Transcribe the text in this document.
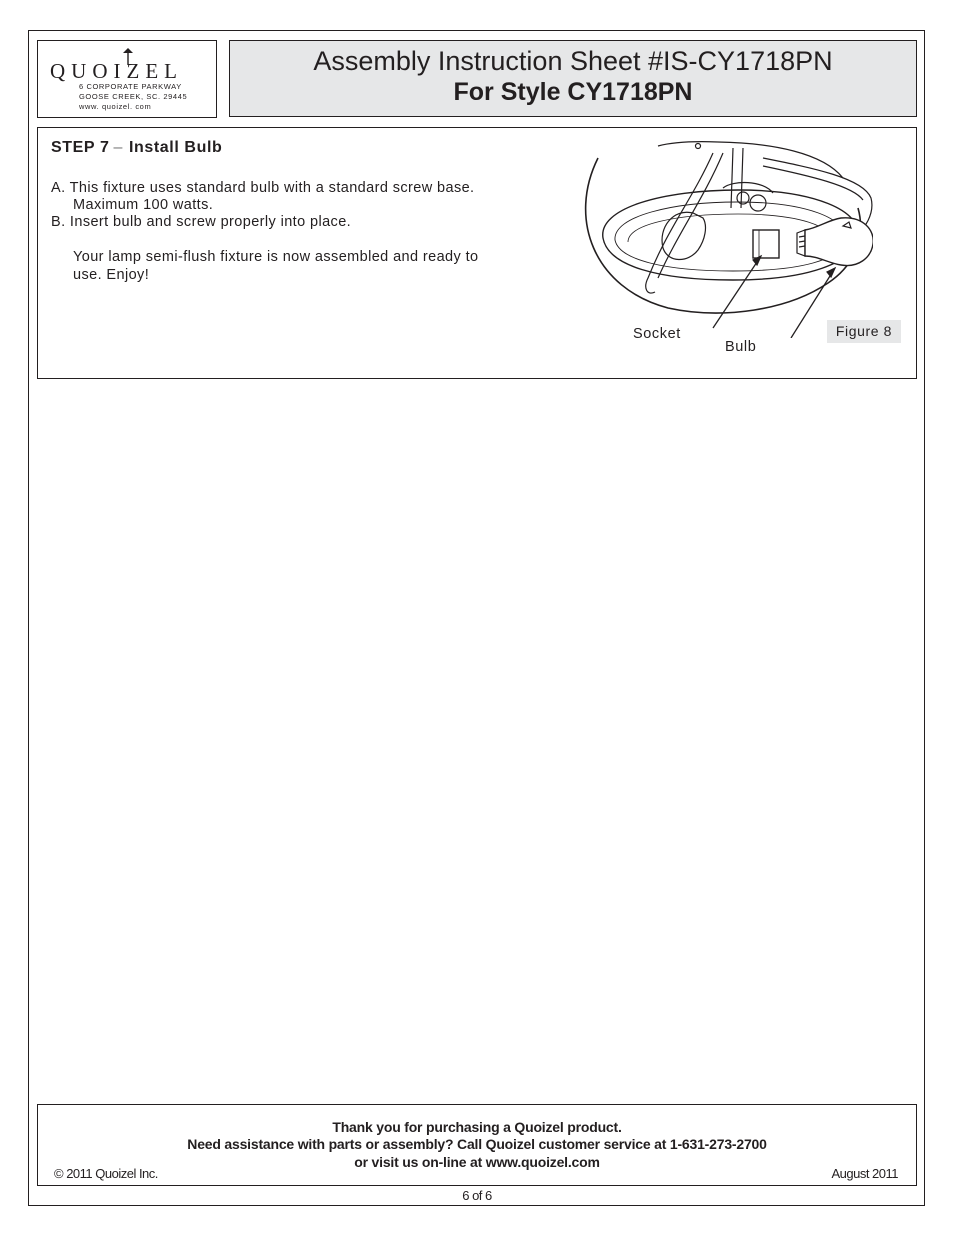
QUOIZEL
6 CORPORATE PARKWAY
GOOSE CREEK, SC. 29445
www. quoizel. com
Assembly Instruction Sheet #IS-CY1718PN
For Style CY1718PN
STEP 7 – Install Bulb
A. This fixture uses standard bulb with a standard screw base.
Maximum 100 watts.
B. Insert bulb and screw properly into place.
Your lamp semi-flush fixture is now assembled and ready to
use. Enjoy!
Socket
Bulb
Figure 8
Thank you for purchasing a Quoizel product.
Need assistance with parts or assembly? Call Quoizel customer service at 1-631-273-2700
or visit us on-line at www.quoizel.com
© 2011 Quoizel Inc.	August 2011
6 of 6
